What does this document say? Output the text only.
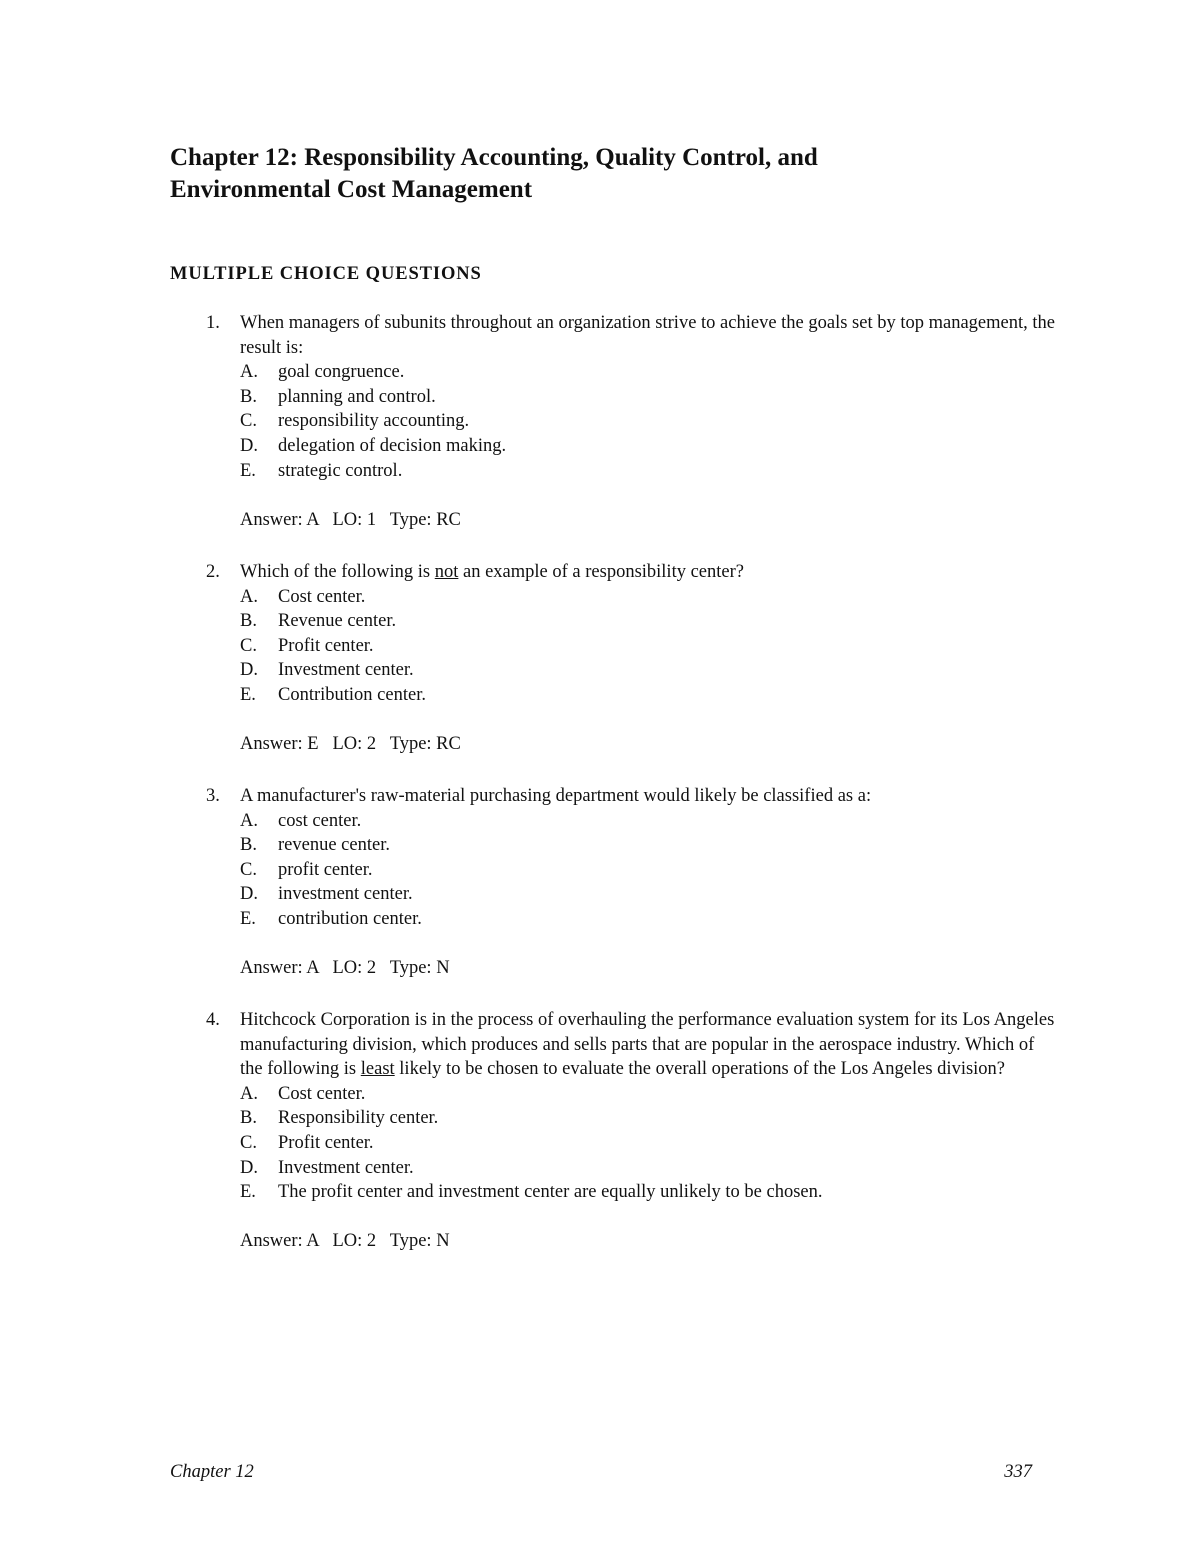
Chapter 12: Responsibility Accounting, Quality Control, and
Environmental Cost Management
MULTIPLE CHOICE QUESTIONS
1. When managers of subunits throughout an organization strive to achieve the goals set by top management, the result is:
A. goal congruence.
B. planning and control.
C. responsibility accounting.
D. delegation of decision making.
E. strategic control.
Answer: A   LO: 1   Type: RC
2. Which of the following is not an example of a responsibility center?
A. Cost center.
B. Revenue center.
C. Profit center.
D. Investment center.
E. Contribution center.
Answer: E   LO: 2   Type: RC
3. A manufacturer's raw-material purchasing department would likely be classified as a:
A. cost center.
B. revenue center.
C. profit center.
D. investment center.
E. contribution center.
Answer: A   LO: 2   Type: N
4. Hitchcock Corporation is in the process of overhauling the performance evaluation system for its Los Angeles manufacturing division, which produces and sells parts that are popular in the aerospace industry. Which of the following is least likely to be chosen to evaluate the overall operations of the Los Angeles division?
A. Cost center.
B. Responsibility center.
C. Profit center.
D. Investment center.
E. The profit center and investment center are equally unlikely to be chosen.
Answer: A   LO: 2   Type: N
Chapter 12	337
